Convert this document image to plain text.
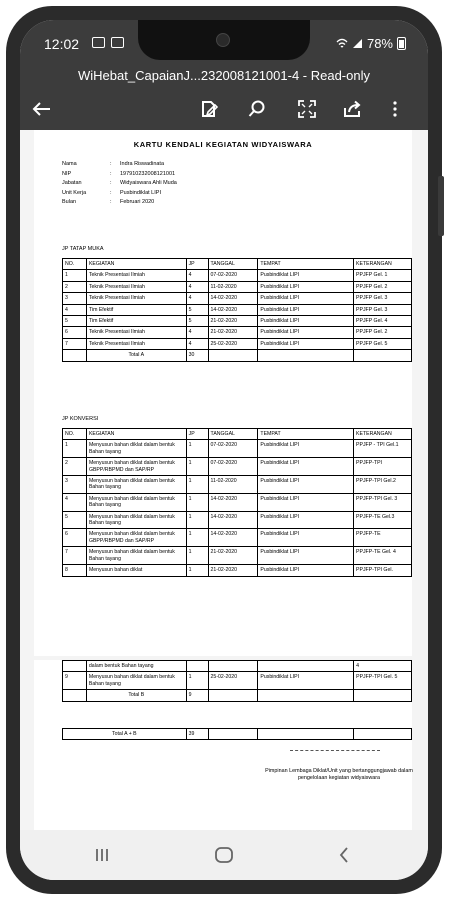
12:02	78%
WiHebat_CapaianJ...232008121001-4 - Read-only
KARTU KENDALI KEGIATAN WIDYAISWARA
Nama	:	Indra Riswadinata
NIP	:	197910232008121001
Jabatan	:	Widyaiswara Ahli Muda
Unit Kerja	:	Pusbindiklat LIPI
Bulan	:	Februari 2020
JP TATAP MUKA
NO.	KEGIATAN	JP	TANGGAL	TEMPAT	KETERANGAN
1	Teknik Presentasi Ilmiah	4	07-02-2020	Pusbindiklat LIPI	PPJFP Gel. 1
2	Teknik Presentasi Ilmiah	4	11-02-2020	Pusbindiklat LIPI	PPJFP Gel. 2
3	Teknik Presentasi Ilmiah	4	14-02-2020	Pusbindiklat LIPI	PPJFP Gel. 3
4	Tim Efektif	5	14-02-2020	Pusbindiklat LIPI	PPJFP Gel. 3
5	Tim Efektif	5	21-02-2020	Pusbindiklat LIPI	PPJFP Gel. 4
6	Teknik Presentasi Ilmiah	4	21-02-2020	Pusbindiklat LIPI	PPJFP Gel. 2
7	Teknik Presentasi Ilmiah	4	25-02-2020	Pusbindiklat LIPI	PPJFP Gel. 5
	Total A	30			
JP KONVERSI
NO.	KEGIATAN	JP	TANGGAL	TEMPAT	KETERANGAN
1	Menyusun bahan diklat dalam bentuk Bahan tayang	1	07-02-2020	Pusbindiklat LIPI	PPJFP - TPI Gel.1
2	Menyusun bahan diklat dalam bentuk GBPP/RBPMD dan SAP/RP	1	07-02-2020	Pusbindiklat LIPI	PPJFP-TPI
3	Menyusun bahan diklat dalam bentuk Bahan tayang	1	11-02-2020	Pusbindiklat LIPI	PPJFP-TPI Gel.2
4	Menyusun bahan diklat dalam bentuk Bahan tayang	1	14-02-2020	Pusbindiklat LIPI	PPJFP-TPI Gel. 3
5	Menyusun bahan diklat dalam bentuk Bahan tayang	1	14-02-2020	Pusbindiklat LIPI	PPJFP-TE Gel.3
6	Menyusun bahan diklat dalam bentuk GBPP/RBPMD dan SAP/RP	1	14-02-2020	Pusbindiklat LIPI	PPJFP-TE
7	Menyusun bahan diklat dalam bentuk Bahan tayang	1	21-02-2020	Pusbindiklat LIPI	PPJFP-TE Gel. 4
8	Menyusun bahan diklat	1	21-02-2020	Pusbindiklat LIPI	PPJFP-TPI Gel.
	dalam bentuk Bahan tayang				4
9	Menyusun bahan diklat dalam bentuk Bahan tayang	1	25-02-2020	Pusbindiklat LIPI	PPJFP-TPI Gel. 5
	Total B	9			
Total A + B	39			
Pimpinan Lembaga Diklat/Unit yang bertanggungjawab dalam pengelolaan kegiatan widyaiswara
